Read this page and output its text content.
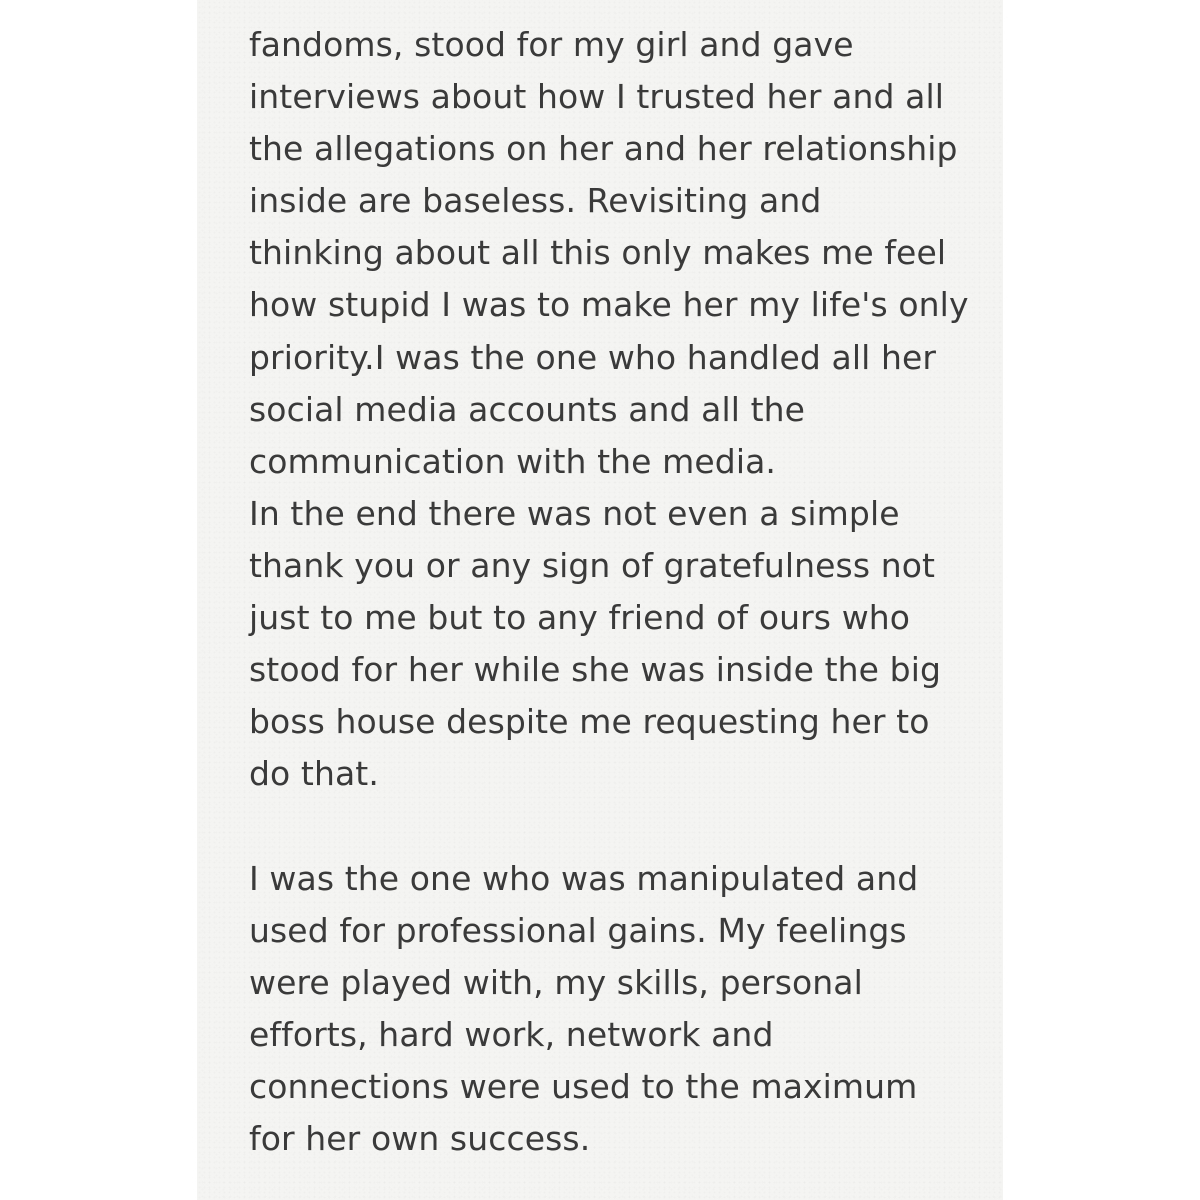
fandoms, stood for my girl and gave
interviews about how I trusted her and all
the allegations on her and her relationship
inside are baseless. Revisiting and
thinking about all this only makes me feel
how stupid I was to make her my life's only
priority.I was the one who handled all her
social media accounts and all the
communication with the media.
In the end there was not even a simple
thank you or any sign of gratefulness not
just to me but to any friend of ours who
stood for her while she was inside the big
boss house despite me requesting her to
do that.
I was the one who was manipulated and
used for professional gains. My feelings
were played with, my skills, personal
efforts, hard work, network and
connections were used to the maximum
for her own success.
